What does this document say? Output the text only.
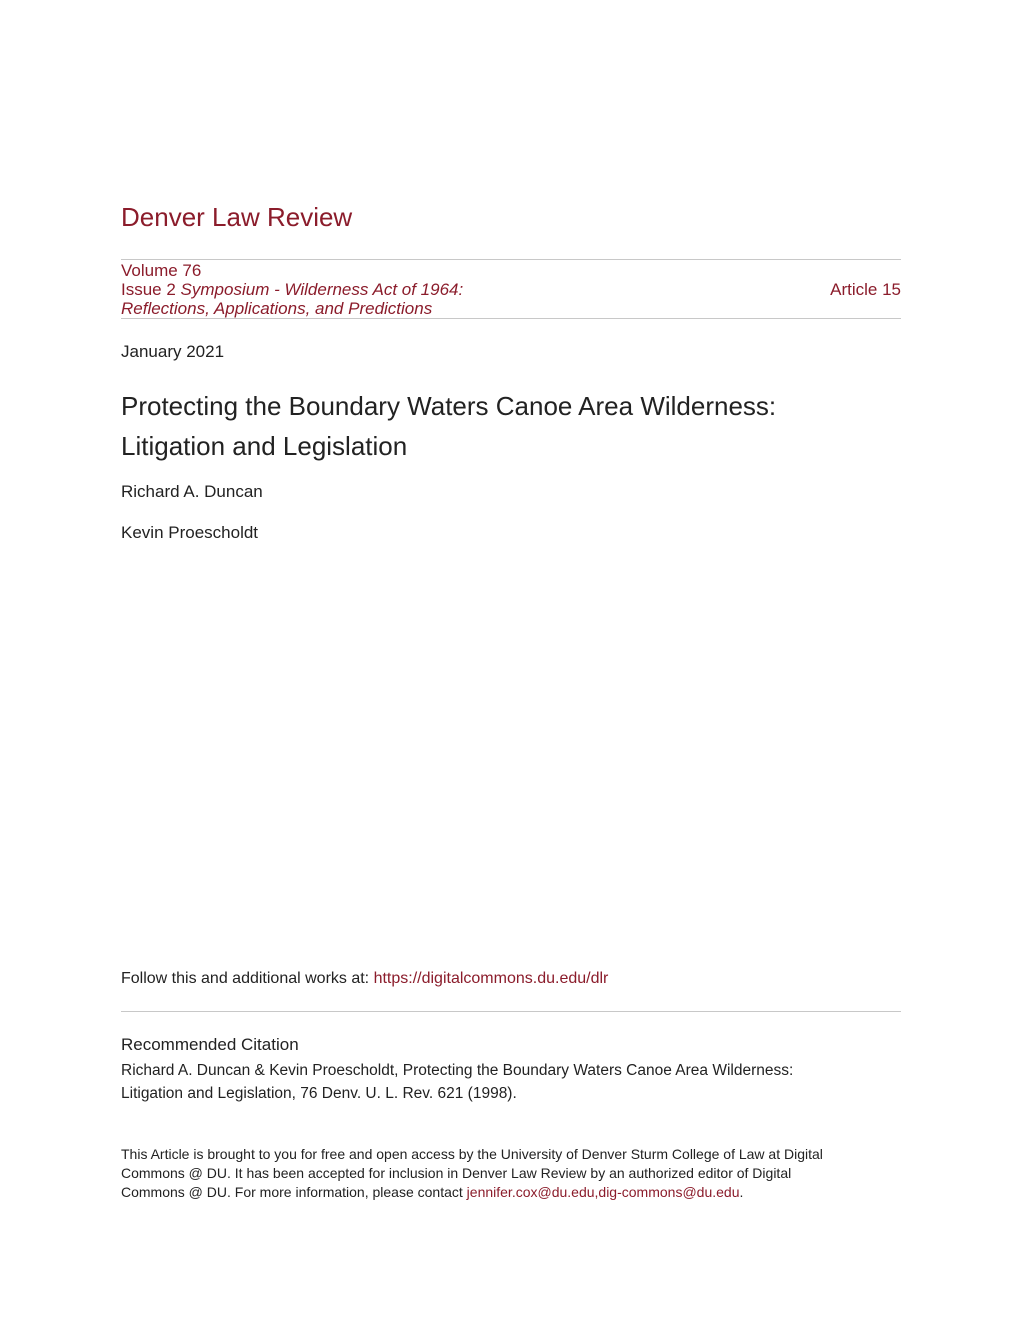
Denver Law Review
Volume 76
Issue 2 Symposium - Wilderness Act of 1964:
Reflections, Applications, and Predictions
Article 15
January 2021
Protecting the Boundary Waters Canoe Area Wilderness:
Litigation and Legislation
Richard A. Duncan
Kevin Proescholdt
Follow this and additional works at: https://digitalcommons.du.edu/dlr
Recommended Citation
Richard A. Duncan & Kevin Proescholdt, Protecting the Boundary Waters Canoe Area Wilderness:
Litigation and Legislation, 76 Denv. U. L. Rev. 621 (1998).
This Article is brought to you for free and open access by the University of Denver Sturm College of Law at Digital
Commons @ DU. It has been accepted for inclusion in Denver Law Review by an authorized editor of Digital
Commons @ DU. For more information, please contact jennifer.cox@du.edu,dig-commons@du.edu.
